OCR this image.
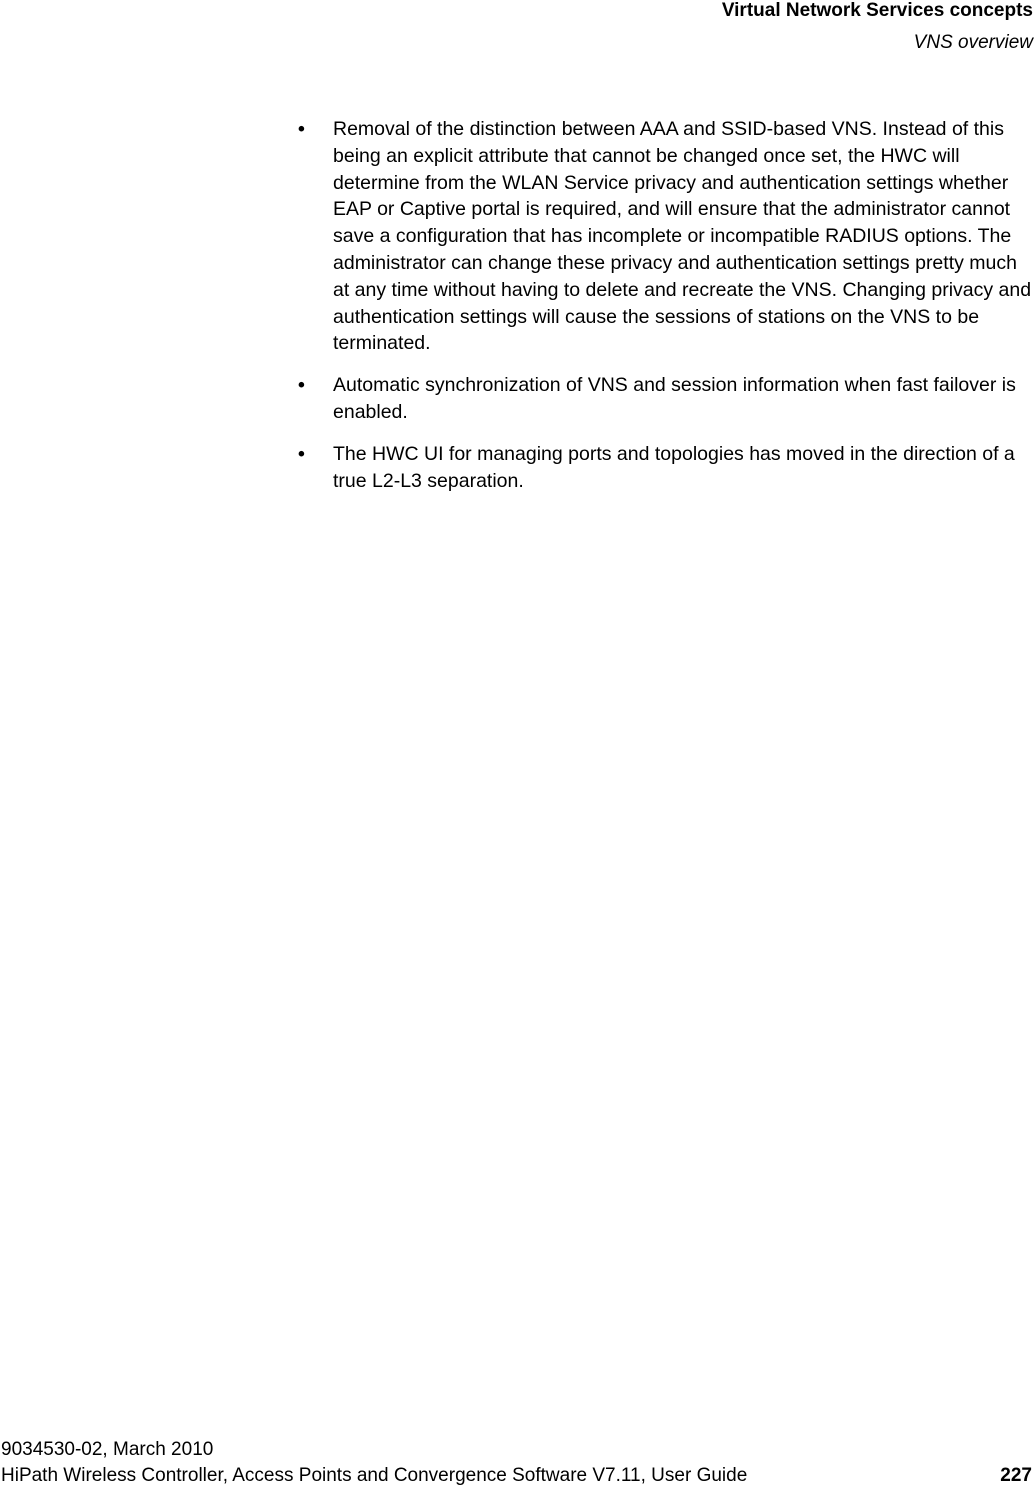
Virtual Network Services concepts
VNS overview
• Removal of the distinction between AAA and SSID-based VNS. Instead of this being an explicit attribute that cannot be changed once set, the HWC will determine from the WLAN Service privacy and authentication settings whether EAP or Captive portal is required, and will ensure that the administrator cannot save a configuration that has incomplete or incompatible RADIUS options. The administrator can change these privacy and authentication settings pretty much at any time without having to delete and recreate the VNS. Changing privacy and authentication settings will cause the sessions of stations on the VNS to be terminated.
• Automatic synchronization of VNS and session information when fast failover is enabled.
• The HWC UI for managing ports and topologies has moved in the direction of a true L2-L3 separation.
9034530-02, March 2010
HiPath Wireless Controller, Access Points and Convergence Software V7.11, User Guide	227
